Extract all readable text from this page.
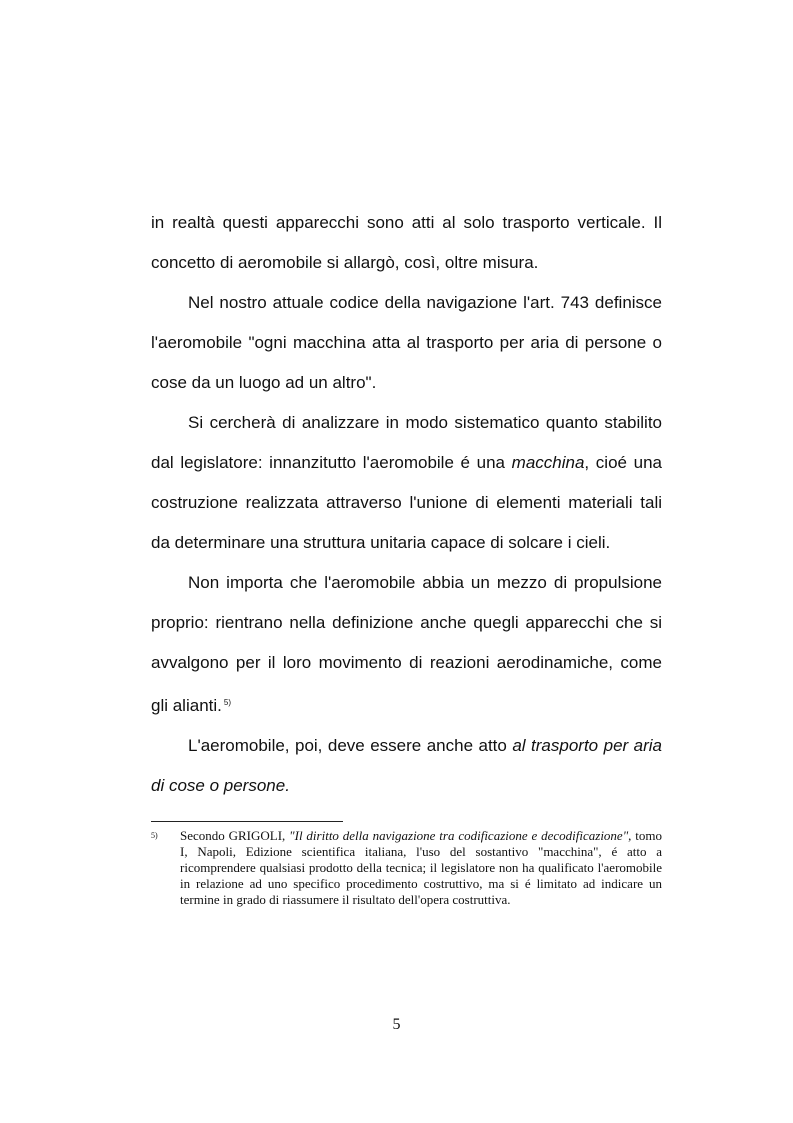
in realtà questi apparecchi sono atti al solo trasporto verticale. Il concetto di aeromobile si allargò, così, oltre misura.

Nel nostro attuale codice della navigazione l'art. 743 definisce l'aeromobile "ogni macchina atta al trasporto per aria di persone o cose da un luogo ad un altro".

Si cercherà di analizzare in modo sistematico quanto stabilito dal legislatore: innanzitutto l'aeromobile é una macchina, cioé una costruzione realizzata attraverso l'unione di elementi materiali tali da determinare una struttura unitaria capace di solcare i cieli.

Non importa che l'aeromobile abbia un mezzo di propulsione proprio: rientrano nella definizione anche quegli apparecchi che si avvalgono per il loro movimento di reazioni aerodinamiche, come gli alianti. $^{5)}$

L'aeromobile, poi, deve essere anche atto al trasporto per aria di cose o persone.

5) Secondo GRIGOLI, "Il diritto della navigazione tra codificazione e decodificazione", tomo I, Napoli, Edizione scientifica italiana, l'uso del sostantivo "macchina", é atto a ricomprendere qualsiasi prodotto della tecnica; il legislatore non ha qualificato l'aeromobile in relazione ad uno specifico procedimento costruttivo, ma si é limitato ad indicare un termine in grado di riassumere il risultato dell'opera costruttiva.
5
